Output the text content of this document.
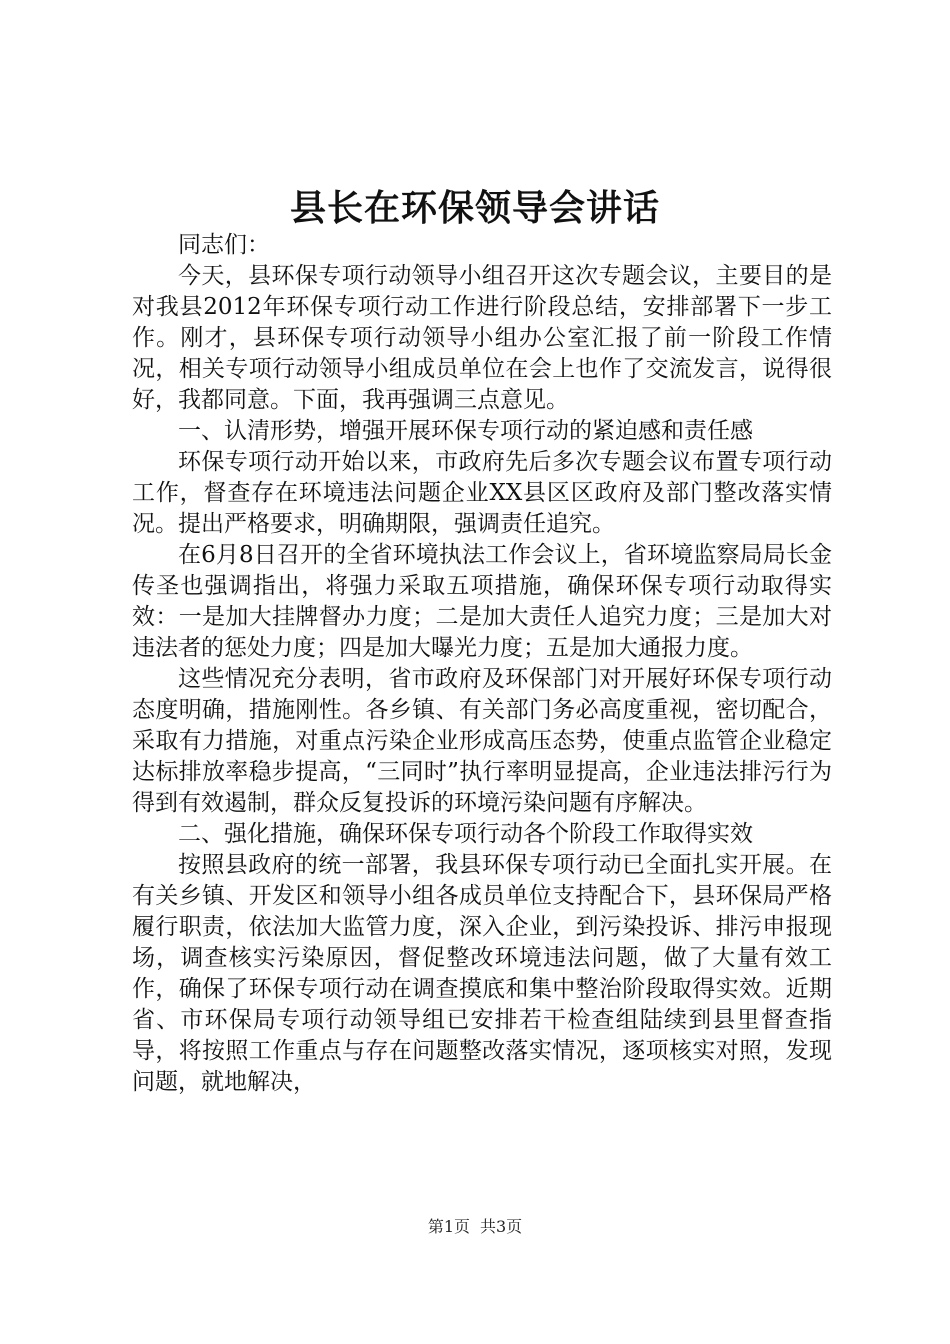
县长在环保领导会讲话

同志们：

今天，县环保专项行动领导小组召开这次专题会议，主要目的是对我县2012年环保专项行动工作进行阶段总结，安排部署下一步工作。刚才，县环保专项行动领导小组办公室汇报了前一阶段工作情况，相关专项行动领导小组成员单位在会上也作了交流发言，说得很好，我都同意。下面，我再强调三点意见。

一、认清形势，增强开展环保专项行动的紧迫感和责任感

环保专项行动开始以来，市政府先后多次专题会议布置专项行动工作，督查存在环境违法问题企业XX县区区政府及部门整改落实情况。提出严格要求，明确期限，强调责任追究。

在6月8日召开的全省环境执法工作会议上，省环境监察局局长金传圣也强调指出，将强力采取五项措施，确保环保专项行动取得实效：一是加大挂牌督办力度；二是加大责任人追究力度；三是加大对违法者的惩处力度；四是加大曝光力度；五是加大通报力度。

这些情况充分表明，省市政府及环保部门对开展好环保专项行动态度明确，措施刚性。各乡镇、有关部门务必高度重视，密切配合，采取有力措施，对重点污染企业形成高压态势，使重点监管企业稳定达标排放率稳步提高，“三同时”执行率明显提高，企业违法排污行为得到有效遏制，群众反复投诉的环境污染问题有序解决。

二、强化措施，确保环保专项行动各个阶段工作取得实效

按照县政府的统一部署，我县环保专项行动已全面扎实开展。在有关乡镇、开发区和领导小组各成员单位支持配合下，县环保局严格履行职责，依法加大监管力度，深入企业，到污染投诉、排污申报现场，调查核实污染原因，督促整改环境违法问题，做了大量有效工作，确保了环保专项行动在调查摸底和集中整治阶段取得实效。近期省、市环保局专项行动领导组已安排若干检查组陆续到县里督查指导，将按照工作重点与存在问题整改落实情况，逐项核实对照，发现问题，就地解决，

第1页 共3页
